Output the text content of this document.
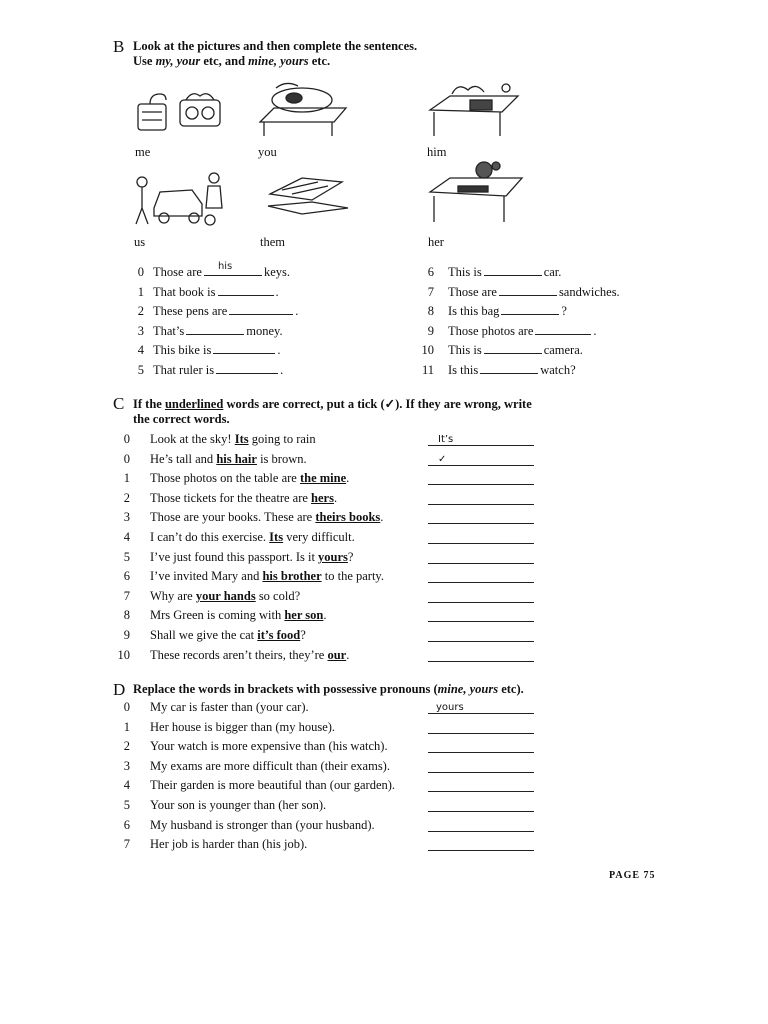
B Look at the pictures and then complete the sentences.
Use my, your etc, and mine, yours etc.
me	you	him
us	them	her
0 Those are his	keys.
1 That book is	.
2 These pens are	.
3 That’s	money.
4 This bike is	.
5 That ruler is	.
6 This is	car.
7 Those are	sandwiches.
8 Is this bag	?
9 Those photos are	.
10 This is	camera.
11 Is this	watch?
C If the underlined words are correct, put a tick (✓). If they are wrong, write
the correct words.
0 Look at the sky! Its going to rain	It’s
0 He’s tall and his hair is brown.	✓
1 Those photos on the table are the mine.
2 Those tickets for the theatre are hers.
3 Those are your books. These are theirs books.
4 I can’t do this exercise. Its very difficult.
5 I’ve just found this passport. Is it yours?
6 I’ve invited Mary and his brother to the party.
7 Why are your hands so cold?
8 Mrs Green is coming with her son.
9 Shall we give the cat it’s food?
10 These records aren’t theirs, they’re our.
D Replace the words in brackets with possessive pronouns (mine, yours etc).
0 My car is faster than (your car).	yours
1 Her house is bigger than (my house).
2 Your watch is more expensive than (his watch).
3 My exams are more difficult than (their exams).
4 Their garden is more beautiful than (our garden).
5 Your son is younger than (her son).
6 My husband is stronger than (your husband).
7 Her job is harder than (his job).
PAGE 75
